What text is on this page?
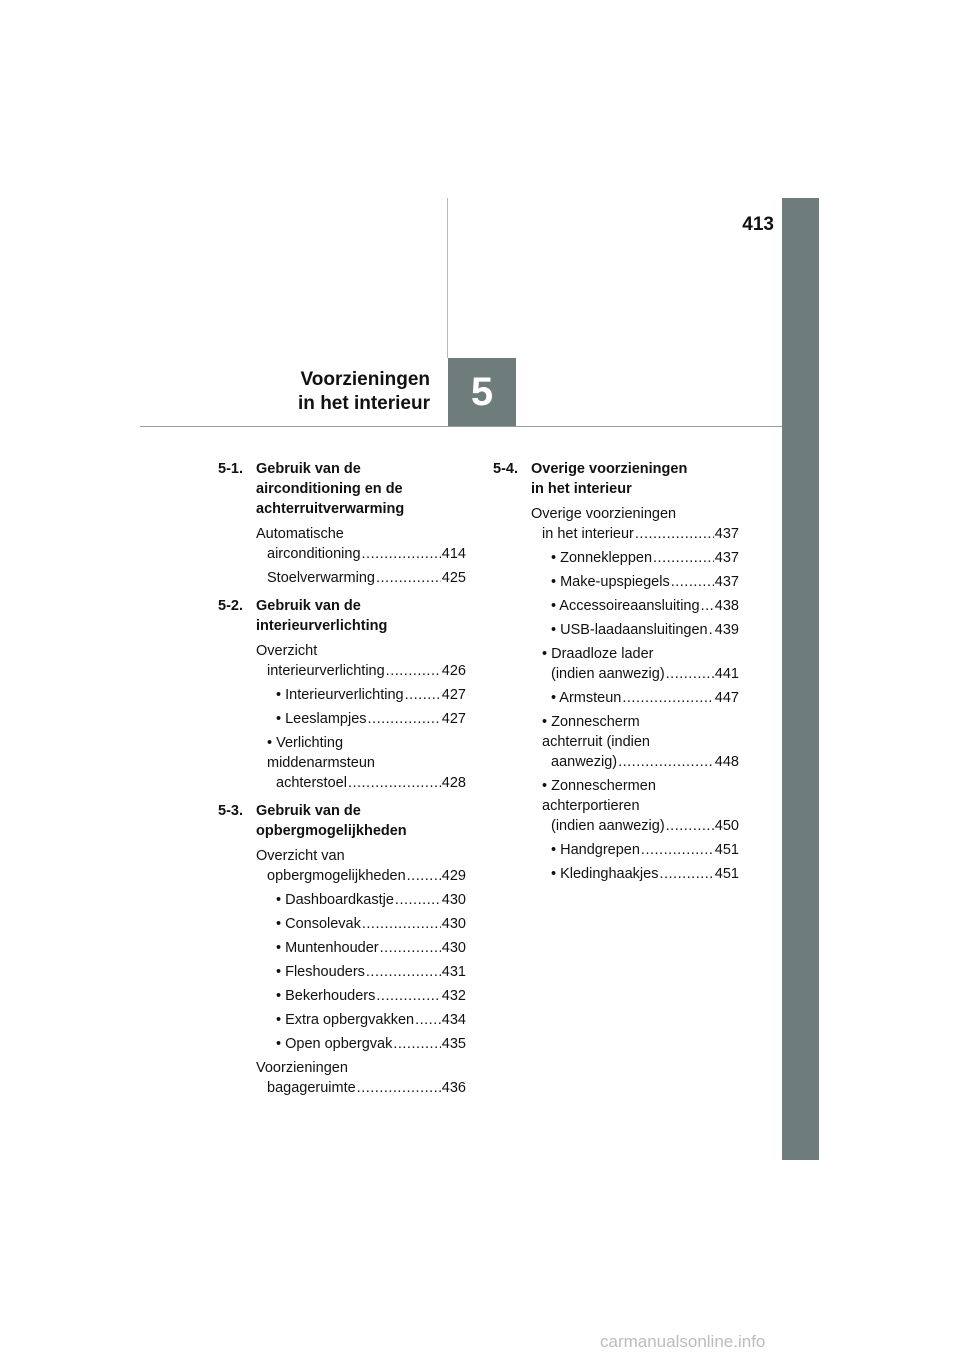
413
Voorzieningen
in het interieur	5
5-1. Gebruik van de
airconditioning en de
achterruitverwarming
Automatische
airconditioning .....	414
Stoelverwarming .....	425
5-2. Gebruik van de
interieurverlichting
Overzicht
interieurverlichting .....	426
• Interieurverlichting .....	427
• Leeslampjes .....	427
• Verlichting
middenarmsteun
achterstoel .....	428
5-3. Gebruik van de
opbergmogelijkheden
Overzicht van
opbergmogelijkheden ..... 429
• Dashboardkastje .....	430
• Consolevak .....	430
• Muntenhouder .....	430
• Fleshouders .....	431
• Bekerhouders .....	432
• Extra opbergvakken ..... 434
• Open opbergvak .....	435
Voorzieningen
bagageruimte .....	436
5-4. Overige voorzieningen
in het interieur
Overige voorzieningen
in het interieur .....	437
• Zonnekleppen .....	437
• Make-upspiegels .....	437
• Accessoireaansluiting ..... 438
• USB-laadaansluitingen ..... 439
• Draadloze lader
(indien aanwezig) .....	441
• Armsteun .....	447
• Zonnescherm
achterruit (indien
aanwezig) .....	448
• Zonneschermen
achterportieren
(indien aanwezig) .....	450
• Handgrepen .....	451
• Kledinghaakjes .....	451
carmanualsonline.info
